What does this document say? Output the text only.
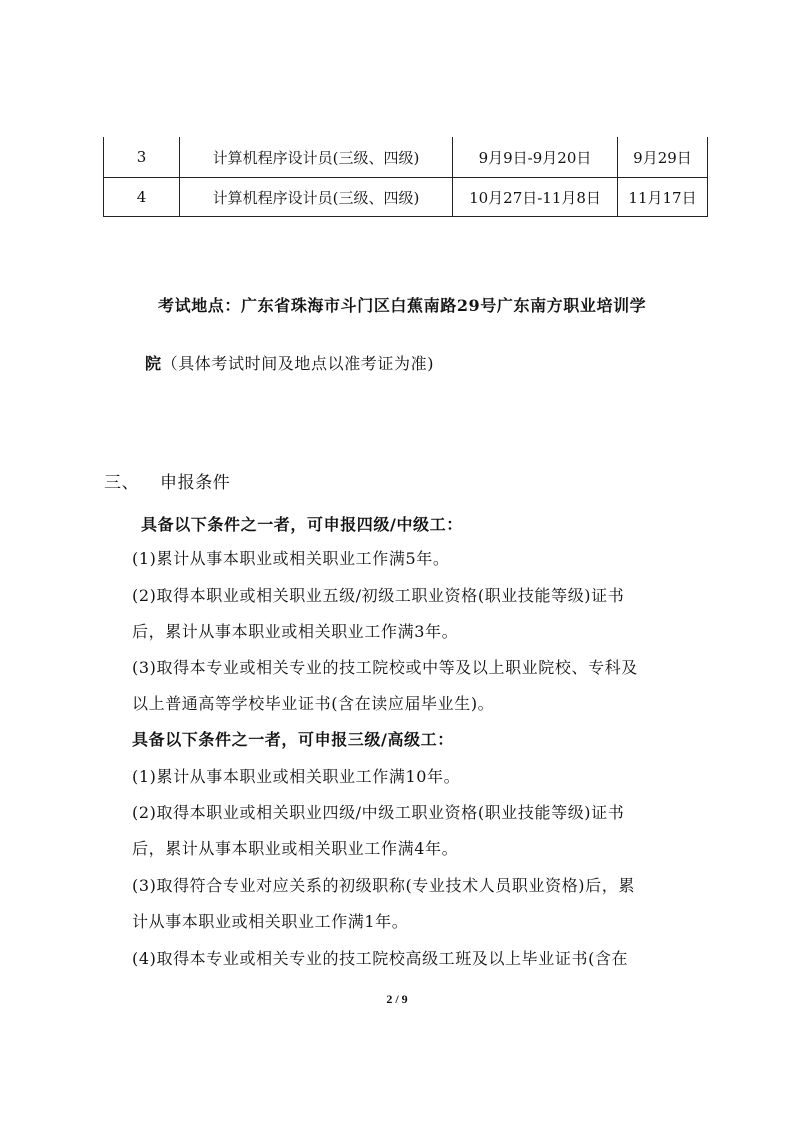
3	计算机程序设计员(三级、四级)	9月9日-9月20日	9月29日
4	计算机程序设计员(三级、四级)	10月27日-11月8日	11月17日
考试地点：广东省珠海市斗门区白蕉南路29号广东南方职业培训学
院（具体考试时间及地点以准考证为准)
三、 申报条件
具备以下条件之一者，可申报四级/中级工：
(1)累计从事本职业或相关职业工作满5年。
(2)取得本职业或相关职业五级/初级工职业资格(职业技能等级)证书
后，累计从事本职业或相关职业工作满3年。
(3)取得本专业或相关专业的技工院校或中等及以上职业院校、专科及
以上普通高等学校毕业证书(含在读应届毕业生)。
具备以下条件之一者，可申报三级/高级工：
(1)累计从事本职业或相关职业工作满10年。
(2)取得本职业或相关职业四级/中级工职业资格(职业技能等级)证书
后，累计从事本职业或相关职业工作满4年。
(3)取得符合专业对应关系的初级职称(专业技术人员职业资格)后，累
计从事本职业或相关职业工作满1年。
(4)取得本专业或相关专业的技工院校高级工班及以上毕业证书(含在
2 / 9
